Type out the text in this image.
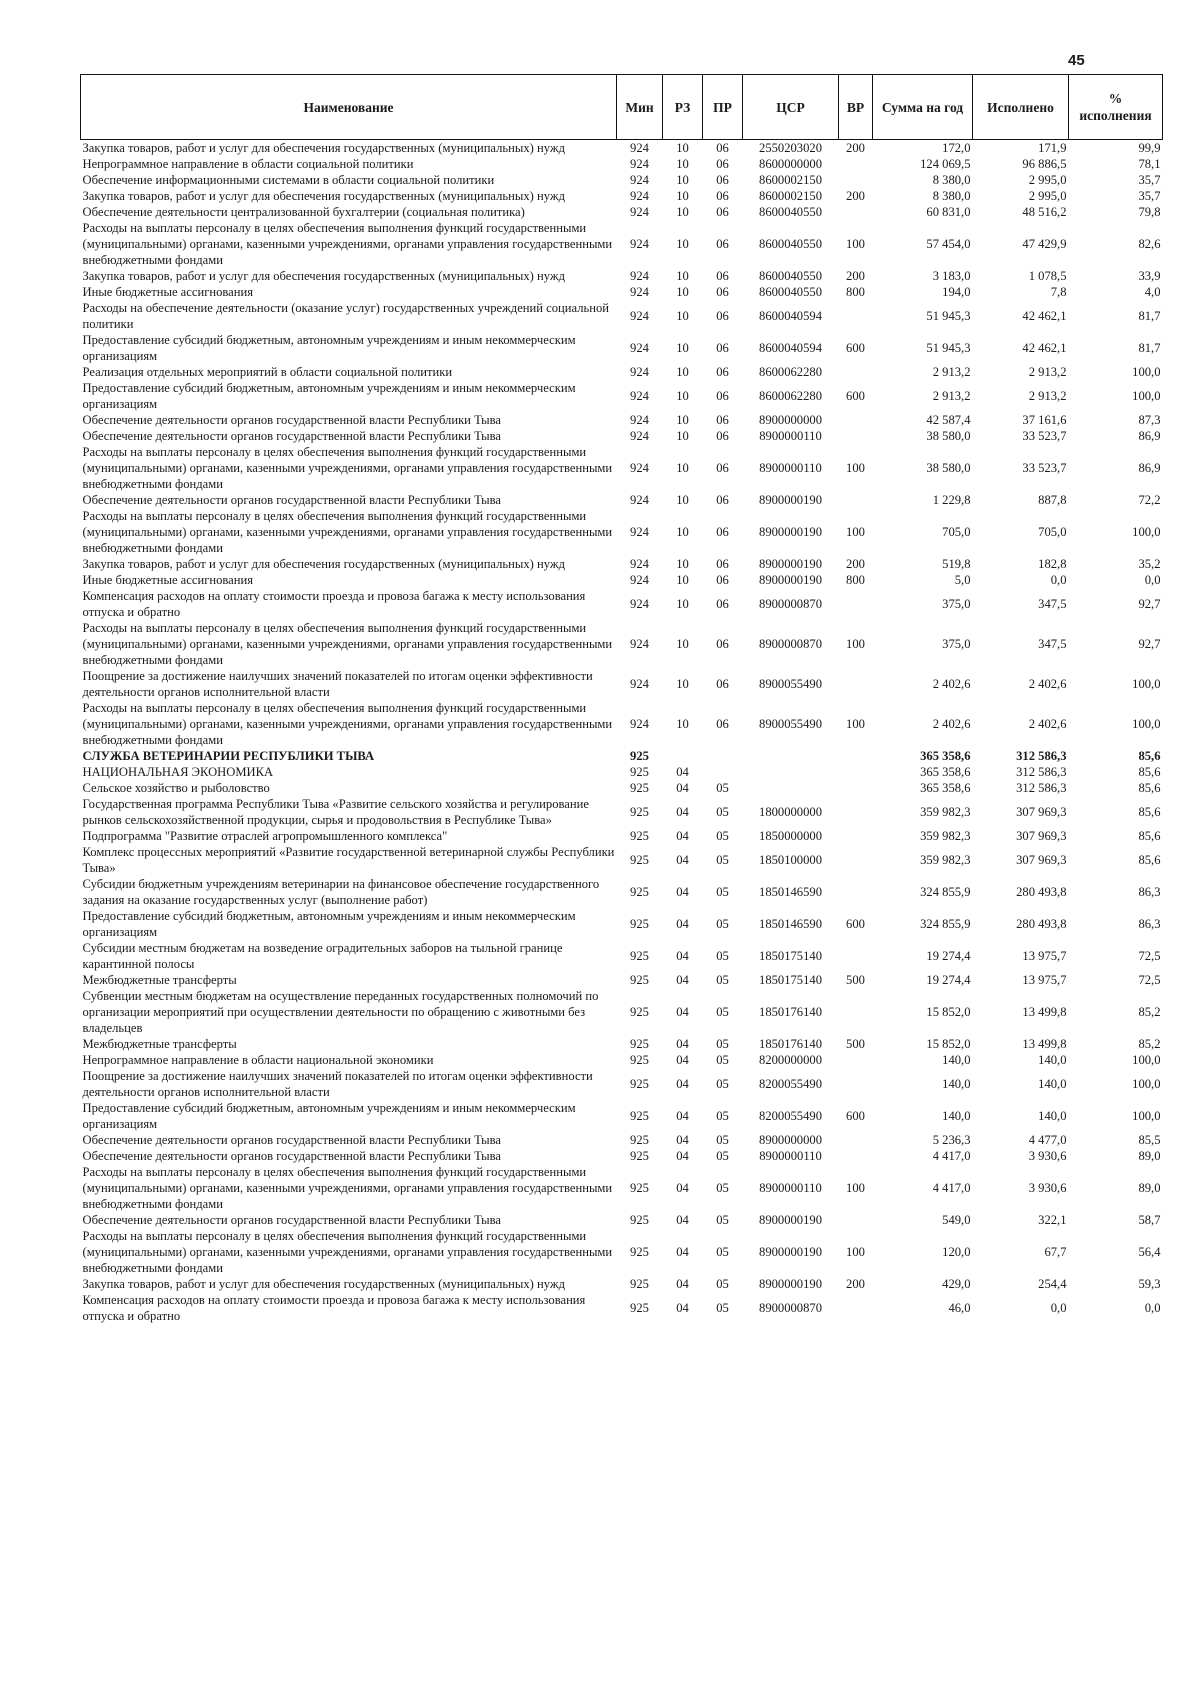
45
Наименование	Мин	РЗ	ПР	ЦСР	ВР	Сумма на год	Исполнено	% исполнения
Закупка товаров, работ и услуг для обеспечения государственных (муниципальных) нужд	924	10	06	2550203020	200	172,0	171,9	99,9
Непрограммное направление в области социальной политики	924	10	06	8600000000		124 069,5	96 886,5	78,1
Обеспечение информационными системами в области социальной политики	924	10	06	8600002150		8 380,0	2 995,0	35,7
Закупка товаров, работ и услуг для обеспечения государственных (муниципальных) нужд	924	10	06	8600002150	200	8 380,0	2 995,0	35,7
Обеспечение деятельности централизованной бухгалтерии (социальная политика)	924	10	06	8600040550		60 831,0	48 516,2	79,8
Расходы на выплаты персоналу в целях обеспечения выполнения функций государственными (муниципальными) органами, казенными учреждениями, органами управления государственными внебюджетными фондами	924	10	06	8600040550	100	57 454,0	47 429,9	82,6
Закупка товаров, работ и услуг для обеспечения государственных (муниципальных) нужд	924	10	06	8600040550	200	3 183,0	1 078,5	33,9
Иные бюджетные ассигнования	924	10	06	8600040550	800	194,0	7,8	4,0
Расходы на обеспечение деятельности (оказание услуг) государственных учреждений социальной политики	924	10	06	8600040594		51 945,3	42 462,1	81,7
Предоставление субсидий бюджетным, автономным учреждениям и иным некоммерческим организациям	924	10	06	8600040594	600	51 945,3	42 462,1	81,7
Реализация отдельных мероприятий в области социальной политики	924	10	06	8600062280		2 913,2	2 913,2	100,0
Предоставление субсидий бюджетным, автономным учреждениям и иным некоммерческим организациям	924	10	06	8600062280	600	2 913,2	2 913,2	100,0
Обеспечение деятельности органов государственной власти Республики Тыва	924	10	06	8900000000		42 587,4	37 161,6	87,3
Обеспечение деятельности органов государственной власти Республики Тыва	924	10	06	8900000110		38 580,0	33 523,7	86,9
Расходы на выплаты персоналу в целях обеспечения выполнения функций государственными (муниципальными) органами, казенными учреждениями, органами управления государственными внебюджетными фондами	924	10	06	8900000110	100	38 580,0	33 523,7	86,9
Обеспечение деятельности органов государственной власти Республики Тыва	924	10	06	8900000190		1 229,8	887,8	72,2
Расходы на выплаты персоналу в целях обеспечения выполнения функций государственными (муниципальными) органами, казенными учреждениями, органами управления государственными внебюджетными фондами	924	10	06	8900000190	100	705,0	705,0	100,0
Закупка товаров, работ и услуг для обеспечения государственных (муниципальных) нужд	924	10	06	8900000190	200	519,8	182,8	35,2
Иные бюджетные ассигнования	924	10	06	8900000190	800	5,0	0,0	0,0
Компенсация расходов на оплату стоимости проезда и провоза багажа к месту использования отпуска и обратно	924	10	06	8900000870		375,0	347,5	92,7
Расходы на выплаты персоналу в целях обеспечения выполнения функций государственными (муниципальными) органами, казенными учреждениями, органами управления государственными внебюджетными фондами	924	10	06	8900000870	100	375,0	347,5	92,7
Поощрение за достижение наилучших значений показателей по итогам оценки эффективности деятельности органов исполнительной власти	924	10	06	8900055490		2 402,6	2 402,6	100,0
Расходы на выплаты персоналу в целях обеспечения выполнения функций государственными (муниципальными) органами, казенными учреждениями, органами управления государственными внебюджетными фондами	924	10	06	8900055490	100	2 402,6	2 402,6	100,0
СЛУЖБА ВЕТЕРИНАРИИ РЕСПУБЛИКИ ТЫВА	925					365 358,6	312 586,3	85,6
НАЦИОНАЛЬНАЯ ЭКОНОМИКА	925	04				365 358,6	312 586,3	85,6
Сельское хозяйство и рыболовство	925	04	05			365 358,6	312 586,3	85,6
Государственная программа Республики Тыва «Развитие сельского хозяйства и регулирование рынков сельскохозяйственной продукции, сырья и продовольствия в Республике Тыва»	925	04	05	1800000000		359 982,3	307 969,3	85,6
Подпрограмма "Развитие отраслей агропромышленного комплекса"	925	04	05	1850000000		359 982,3	307 969,3	85,6
Комплекс процессных мероприятий «Развитие государственной ветеринарной службы Республики Тыва»	925	04	05	1850100000		359 982,3	307 969,3	85,6
Субсидии бюджетным учреждениям ветеринарии на финансовое обеспечение государственного задания на оказание государственных услуг (выполнение работ)	925	04	05	1850146590		324 855,9	280 493,8	86,3
Предоставление субсидий бюджетным, автономным учреждениям и иным некоммерческим организациям	925	04	05	1850146590	600	324 855,9	280 493,8	86,3
Субсидии местным бюджетам на возведение оградительных заборов на тыльной границе карантинной полосы	925	04	05	1850175140		19 274,4	13 975,7	72,5
Межбюджетные трансферты	925	04	05	1850175140	500	19 274,4	13 975,7	72,5
Субвенции местным бюджетам на осуществление переданных государственных полномочий по организации мероприятий при осуществлении деятельности по обращению с животными без владельцев	925	04	05	1850176140		15 852,0	13 499,8	85,2
Межбюджетные трансферты	925	04	05	1850176140	500	15 852,0	13 499,8	85,2
Непрограммное направление в области национальной экономики	925	04	05	8200000000		140,0	140,0	100,0
Поощрение за достижение наилучших значений показателей по итогам оценки эффективности деятельности органов исполнительной власти	925	04	05	8200055490		140,0	140,0	100,0
Предоставление субсидий бюджетным, автономным учреждениям и иным некоммерческим организациям	925	04	05	8200055490	600	140,0	140,0	100,0
Обеспечение деятельности органов государственной власти Республики Тыва	925	04	05	8900000000		5 236,3	4 477,0	85,5
Обеспечение деятельности органов государственной власти Республики Тыва	925	04	05	8900000110		4 417,0	3 930,6	89,0
Расходы на выплаты персоналу в целях обеспечения выполнения функций государственными (муниципальными) органами, казенными учреждениями, органами управления государственными внебюджетными фондами	925	04	05	8900000110	100	4 417,0	3 930,6	89,0
Обеспечение деятельности органов государственной власти Республики Тыва	925	04	05	8900000190		549,0	322,1	58,7
Расходы на выплаты персоналу в целях обеспечения выполнения функций государственными (муниципальными) органами, казенными учреждениями, органами управления государственными внебюджетными фондами	925	04	05	8900000190	100	120,0	67,7	56,4
Закупка товаров, работ и услуг для обеспечения государственных (муниципальных) нужд	925	04	05	8900000190	200	429,0	254,4	59,3
Компенсация расходов на оплату стоимости проезда и провоза багажа к месту использования отпуска и обратно	925	04	05	8900000870		46,0	0,0	0,0
